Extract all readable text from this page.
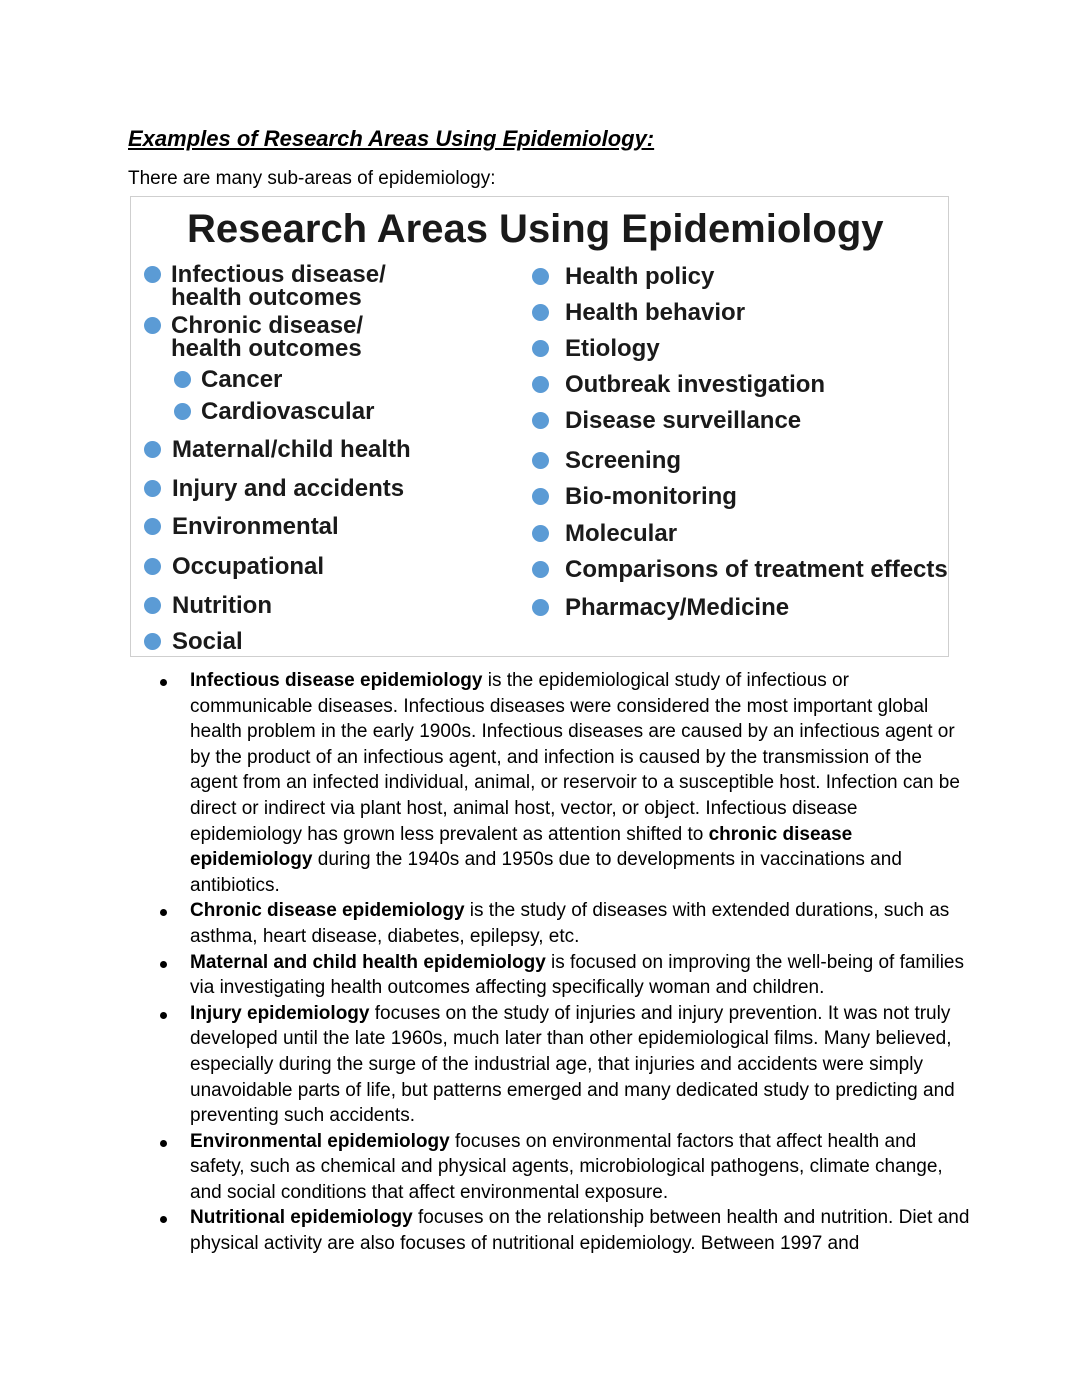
Examples of Research Areas Using Epidemiology:
There are many sub-areas of epidemiology:
Research Areas Using Epidemiology
Infectious disease/
health outcomes
Chronic disease/
health outcomes
Cancer
Cardiovascular
Maternal/child health
Injury and accidents
Environmental
Occupational
Nutrition
Social
Health policy
Health behavior
Etiology
Outbreak investigation
Disease surveillance
Screening
Bio-monitoring
Molecular
Comparisons of treatment effects
Pharmacy/Medicine
Infectious disease epidemiology is the epidemiological study of infectious or communicable diseases. Infectious diseases were considered the most important global health problem in the early 1900s. Infectious diseases are caused by an infectious agent or by the product of an infectious agent, and infection is caused by the transmission of the agent from an infected individual, animal, or reservoir to a susceptible host. Infection can be direct or indirect via plant host, animal host, vector, or object. Infectious disease epidemiology has grown less prevalent as attention shifted to chronic disease epidemiology during the 1940s and 1950s due to developments in vaccinations and antibiotics.
Chronic disease epidemiology is the study of diseases with extended durations, such as asthma, heart disease, diabetes, epilepsy, etc.
Maternal and child health epidemiology is focused on improving the well-being of families via investigating health outcomes affecting specifically woman and children.
Injury epidemiology focuses on the study of injuries and injury prevention. It was not truly developed until the late 1960s, much later than other epidemiological films. Many believed, especially during the surge of the industrial age, that injuries and accidents were simply unavoidable parts of life, but patterns emerged and many dedicated study to predicting and preventing such accidents.
Environmental epidemiology focuses on environmental factors that affect health and safety, such as chemical and physical agents, microbiological pathogens, climate change, and social conditions that affect environmental exposure.
Nutritional epidemiology focuses on the relationship between health and nutrition. Diet and physical activity are also focuses of nutritional epidemiology. Between 1997 and
